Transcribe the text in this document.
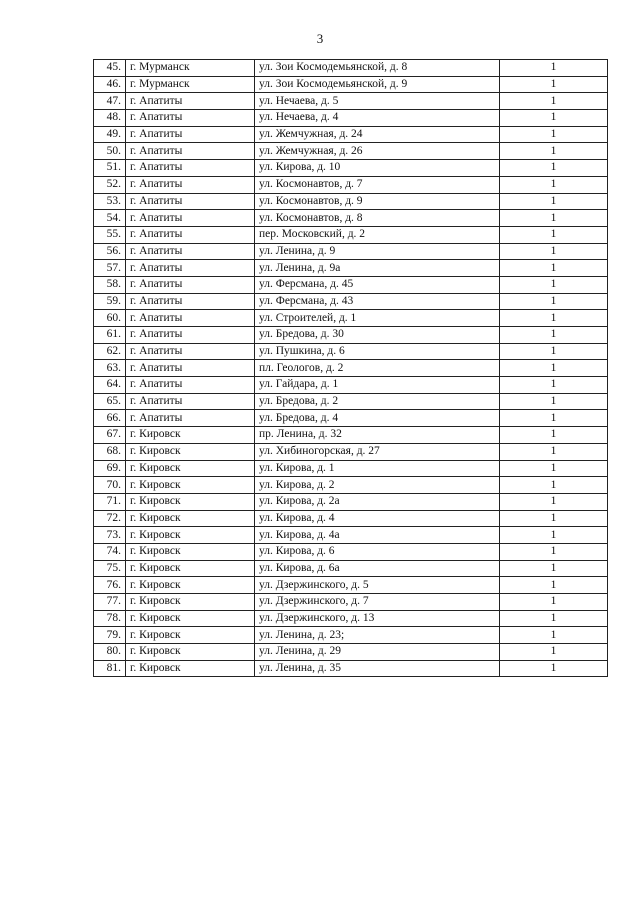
3
45.	г. Мурманск	ул. Зои Космодемьянской, д. 8	1
46.	г. Мурманск	ул. Зои Космодемьянской, д. 9	1
47.	г. Апатиты	ул. Нечаева, д. 5	1
48.	г. Апатиты	ул. Нечаева, д. 4	1
49.	г. Апатиты	ул. Жемчужная, д. 24	1
50.	г. Апатиты	ул. Жемчужная, д. 26	1
51.	г. Апатиты	ул. Кирова, д. 10	1
52.	г. Апатиты	ул. Космонавтов, д. 7	1
53.	г. Апатиты	ул. Космонавтов, д. 9	1
54.	г. Апатиты	ул. Космонавтов, д. 8	1
55.	г. Апатиты	пер. Московский, д. 2	1
56.	г. Апатиты	ул. Ленина, д. 9	1
57.	г. Апатиты	ул. Ленина, д. 9а	1
58.	г. Апатиты	ул. Ферсмана, д. 45	1
59.	г. Апатиты	ул. Ферсмана, д. 43	1
60.	г. Апатиты	ул. Строителей, д. 1	1
61.	г. Апатиты	ул. Бредова, д. 30	1
62.	г. Апатиты	ул. Пушкина, д. 6	1
63.	г. Апатиты	пл. Геологов, д. 2	1
64.	г. Апатиты	ул. Гайдара, д. 1	1
65.	г. Апатиты	ул. Бредова, д. 2	1
66.	г. Апатиты	ул. Бредова, д. 4	1
67.	г. Кировск	пр. Ленина, д. 32	1
68.	г. Кировск	ул. Хибиногорская, д. 27	1
69.	г. Кировск	ул. Кирова, д. 1	1
70.	г. Кировск	ул. Кирова, д. 2	1
71.	г. Кировск	ул. Кирова, д. 2а	1
72.	г. Кировск	ул. Кирова, д. 4	1
73.	г. Кировск	ул. Кирова, д. 4а	1
74.	г. Кировск	ул. Кирова, д. 6	1
75.	г. Кировск	ул. Кирова, д. 6а	1
76.	г. Кировск	ул. Дзержинского, д. 5	1
77.	г. Кировск	ул. Дзержинского, д. 7	1
78.	г. Кировск	ул. Дзержинского, д. 13	1
79.	г. Кировск	ул. Ленина, д. 23;	1
80.	г. Кировск	ул. Ленина, д. 29	1
81.	г. Кировск	ул. Ленина, д. 35	1
